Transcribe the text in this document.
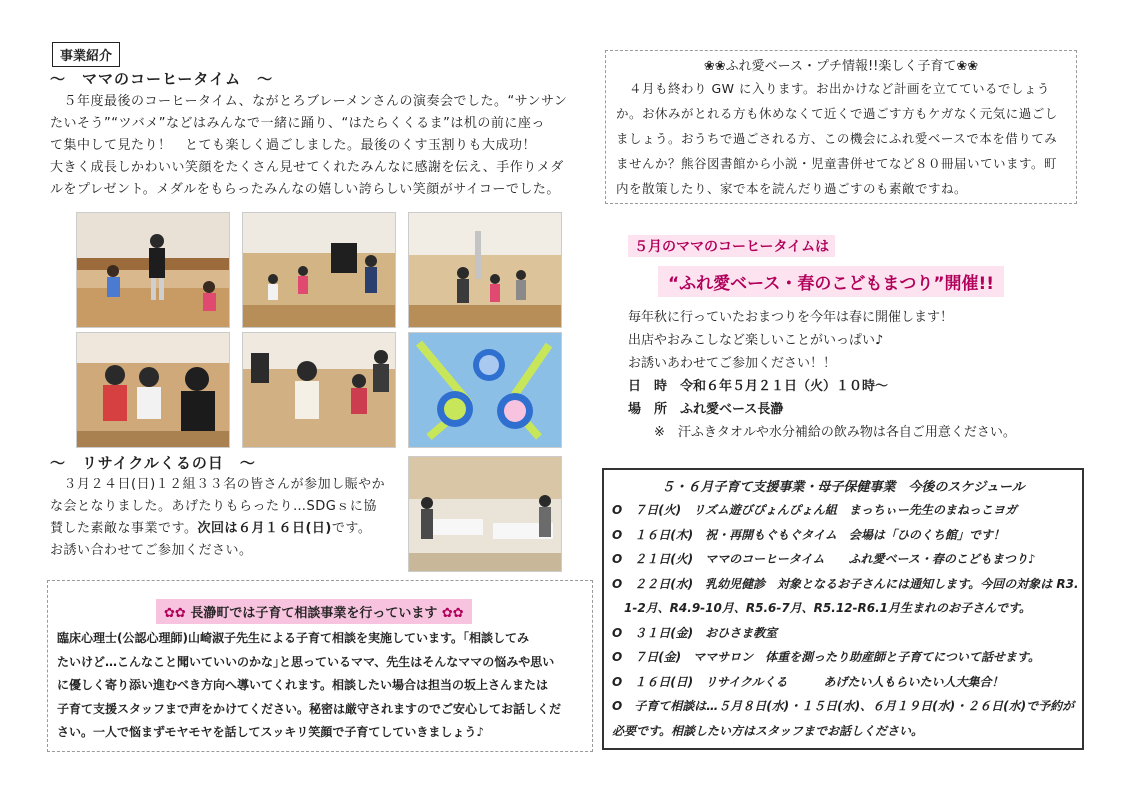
事業紹介
～　ママのコーヒータイム　～
　５年度最後のコーヒータイム、ながとろブレーメンさんの演奏会でした。“サンサン
たいそう”“ツバメ”などはみんなで一緒に踊り、“はたらくくるま”は机の前に座っ
て集中して見たり！　とても楽しく過ごしました。最後のくす玉割りも大成功！
大きく成長しかわいい笑顔をたくさん見せてくれたみんなに感謝を伝え、手作りメダ
ルをプレゼント。メダルをもらったみんなの嬉しい誇らしい笑顔がサイコーでした。
～　リサイクルくるの日　～
　３月２４日(日)１２組３３名の皆さんが参加し賑やか
な会となりました。あげたりもらったり…SDGｓに協
賛した素敵な事業です。次回は６月１６日(日)です。
お誘い合わせてご参加ください。
✿✿ 長瀞町では子育て相談事業を行っています ✿✿
臨床心理士(公認心理師)山崎淑子先生による子育て相談を実施しています。｢相談してみ
たいけど…こんなこと聞いていいのかな｣と思っているママ、先生はそんなママの悩みや思い
に優しく寄り添い進むべき方向へ導いてくれます。相談したい場合は担当の坂上さんまたは
子育て支援スタッフまで声をかけてください。秘密は厳守されますのでご安心してお話しくだ
さい。一人で悩まずモヤモヤを話してスッキリ笑顔で子育てしていきましょう♪
❀❀ふれ愛ベース・プチ情報!!楽しく子育て❀❀
　４月も終わり GW に入ります。お出かけなど計画を立てているでしょう
か。お休みがとれる方も休めなくて近くで過ごす方もケガなく元気に過ごし
ましょう。おうちで過ごされる方、この機会にふれ愛ベースで本を借りてみ
ませんか？熊谷図書館から小説・児童書併せてなど８０冊届いています。町
内を散策したり、家で本を読んだり過ごすのも素敵ですね。
５月のママのコーヒータイムは
“ふれ愛ベース・春のこどもまつり”開催!!
毎年秋に行っていたおまつりを今年は春に開催します！
出店やおみこしなど楽しいことがいっぱい♪
お誘いあわせてご参加ください！！
日　時　 令和６年５月２１日（火）１０時～
場　所　 ふれ愛ベース長瀞
※　汗ふきタオルや水分補給の飲み物は各自ご用意ください。
５・６月子育て支援事業・母子保健事業　今後のスケジュール
O　７日(火)　リズム遊びぴょんぴょん組　まっちぃー先生のまねっこヨガ
O　１６日(木)　祝・再開もぐもぐタイム　会場は「ひのくち館」です！
O　２１日(火)　ママのコーヒータイム　　ふれ愛ベース・春のこどもまつり♪
O　２２日(水)　乳幼児健診　対象となるお子さんには通知します。今回の対象は R3.
　1-2月、R4.9-10月、R5.6-7月、R5.12-R6.1月生まれのお子さんです。
O　３１日(金)　おひさま教室
O　７日(金)　ママサロン　体重を測ったり助産師と子育てについて話せます。
O　１６日(日)　リサイクルくる　　　あげたい人もらいたい人大集合！
O　子育て相談は…５月８日(水)・１５日(水)、６月１９日(水)・２６日(水)で予約が
必要です。相談したい方はスタッフまでお話しください。
